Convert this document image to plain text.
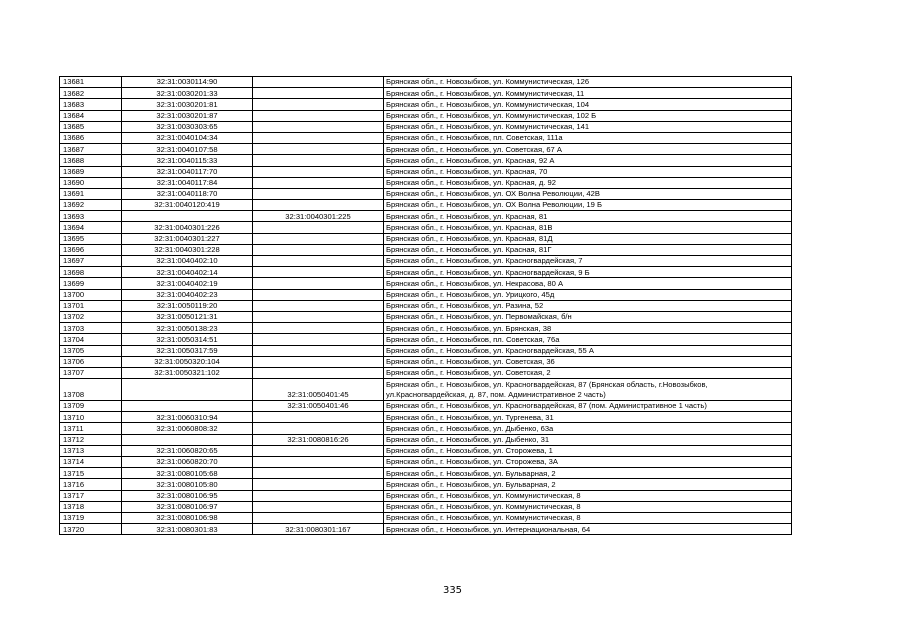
13681	32:31:0030114:90		Брянская обл., г. Новозыбков, ул. Коммунистическая, 126
13682	32:31:0030201:33		Брянская обл., г. Новозыбков, ул. Коммунистическая, 11
13683	32:31:0030201:81		Брянская обл., г. Новозыбков, ул. Коммунистическая, 104
13684	32:31:0030201:87		Брянская обл., г. Новозыбков, ул. Коммунистическая, 102 Б
13685	32:31:0030303:65		Брянская обл., г. Новозыбков, ул. Коммунистическая, 141
13686	32:31:0040104:34		Брянская обл., г. Новозыбков, пл. Советская, 111а
13687	32:31:0040107:58		Брянская обл., г. Новозыбков, ул. Советская, 67 А
13688	32:31:0040115:33		Брянская обл., г. Новозыбков, ул. Красная, 92 А
13689	32:31:0040117:70		Брянская обл., г. Новозыбков, ул. Красная, 70
13690	32:31:0040117:84		Брянская обл., г. Новозыбков, ул. Красная, д. 92
13691	32:31:0040118:70		Брянская обл., г. Новозыбков, ул. ОХ Волна Революции, 42В
13692	32:31:0040120:419		Брянская обл., г. Новозыбков, ул. ОХ Волна Революции, 19 Б
13693		32:31:0040301:225	Брянская обл., г. Новозыбков, ул. Красная, 81
13694	32:31:0040301:226		Брянская обл., г. Новозыбков, ул. Красная, 81В
13695	32:31:0040301:227		Брянская обл., г. Новозыбков, ул. Красная, 81Д
13696	32:31:0040301:228		Брянская обл., г. Новозыбков, ул. Красная, 81Г
13697	32:31:0040402:10		Брянская обл., г. Новозыбков, ул. Красногвардейская, 7
13698	32:31:0040402:14		Брянская обл., г. Новозыбков, ул. Красногвардейская, 9 Б
13699	32:31:0040402:19		Брянская обл., г. Новозыбков, ул. Некрасова, 80 А
13700	32:31:0040402:23		Брянская обл., г. Новозыбков, ул. Урицкого, 45д
13701	32:31:0050119:20		Брянская обл., г. Новозыбков, ул. Разина, 52
13702	32:31:0050121:31		Брянская обл., г. Новозыбков, ул. Первомайская, б/н
13703	32:31:0050138:23		Брянская обл., г. Новозыбков, ул. Брянская, 38
13704	32:31:0050314:51		Брянская обл., г. Новозыбков, пл. Советская, 76а
13705	32:31:0050317:59		Брянская обл., г. Новозыбков, ул. Красногвардейская, 55 А
13706	32:31:0050320:104		Брянская обл., г. Новозыбков, ул. Советская, 36
13707	32:31:0050321:102		Брянская обл., г. Новозыбков, ул. Советская, 2
13708		32:31:0050401:45	Брянская обл., г. Новозыбков, ул. Красногвардейская, 87 (Брянская область, г.Новозыбков, ул.Красногвардейская, д. 87, пом. Административное 2 часть)
13709		32:31:0050401:46	Брянская обл., г. Новозыбков, ул. Красногвардейская, 87 (пом. Административное 1 часть)
13710	32:31:0060310:94		Брянская обл., г. Новозыбков, ул. Тургенева, 31
13711	32:31:0060808:32		Брянская обл., г. Новозыбков, ул. Дыбенко, 63а
13712		32:31:0080816:26	Брянская обл., г. Новозыбков, ул. Дыбенко, 31
13713	32:31:0060820:65		Брянская обл., г. Новозыбков, ул. Сторожева, 1
13714	32:31:0060820:70		Брянская обл., г. Новозыбков, ул. Сторожева, 3А
13715	32:31:0080105:68		Брянская обл., г. Новозыбков, ул. Бульварная, 2
13716	32:31:0080105:80		Брянская обл., г. Новозыбков, ул. Бульварная, 2
13717	32:31:0080106:95		Брянская обл., г. Новозыбков, ул. Коммунистическая, 8
13718	32:31:0080106:97		Брянская обл., г. Новозыбков, ул. Коммунистическая, 8
13719	32:31:0080106:98		Брянская обл., г. Новозыбков, ул. Коммунистическая, 8
13720	32:31:0080301:83	32:31:0080301:167	Брянская обл., г. Новозыбков, ул. Интернациональная, 64
335
